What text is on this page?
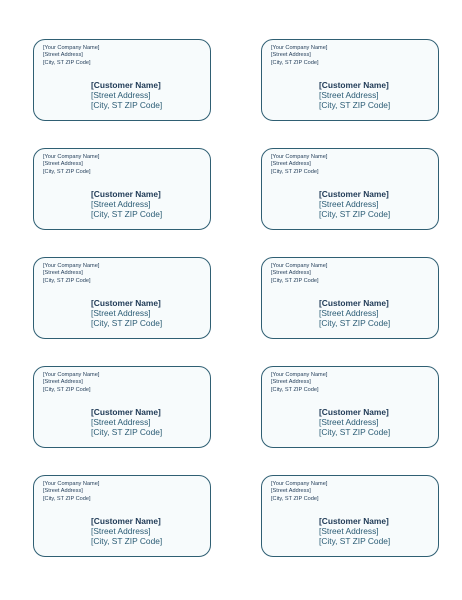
[Your Company Name]
[Street Address]
[City, ST ZIP Code]
[Customer Name]
[Street Address]
[City, ST ZIP Code]
[Your Company Name]
[Street Address]
[City, ST ZIP Code]
[Customer Name]
[Street Address]
[City, ST ZIP Code]
[Your Company Name]
[Street Address]
[City, ST ZIP Code]
[Customer Name]
[Street Address]
[City, ST ZIP Code]
[Your Company Name]
[Street Address]
[City, ST ZIP Code]
[Customer Name]
[Street Address]
[City, ST ZIP Code]
[Your Company Name]
[Street Address]
[City, ST ZIP Code]
[Customer Name]
[Street Address]
[City, ST ZIP Code]
[Your Company Name]
[Street Address]
[City, ST ZIP Code]
[Customer Name]
[Street Address]
[City, ST ZIP Code]
[Your Company Name]
[Street Address]
[City, ST ZIP Code]
[Customer Name]
[Street Address]
[City, ST ZIP Code]
[Your Company Name]
[Street Address]
[City, ST ZIP Code]
[Customer Name]
[Street Address]
[City, ST ZIP Code]
[Your Company Name]
[Street Address]
[City, ST ZIP Code]
[Customer Name]
[Street Address]
[City, ST ZIP Code]
[Your Company Name]
[Street Address]
[City, ST ZIP Code]
[Customer Name]
[Street Address]
[City, ST ZIP Code]
